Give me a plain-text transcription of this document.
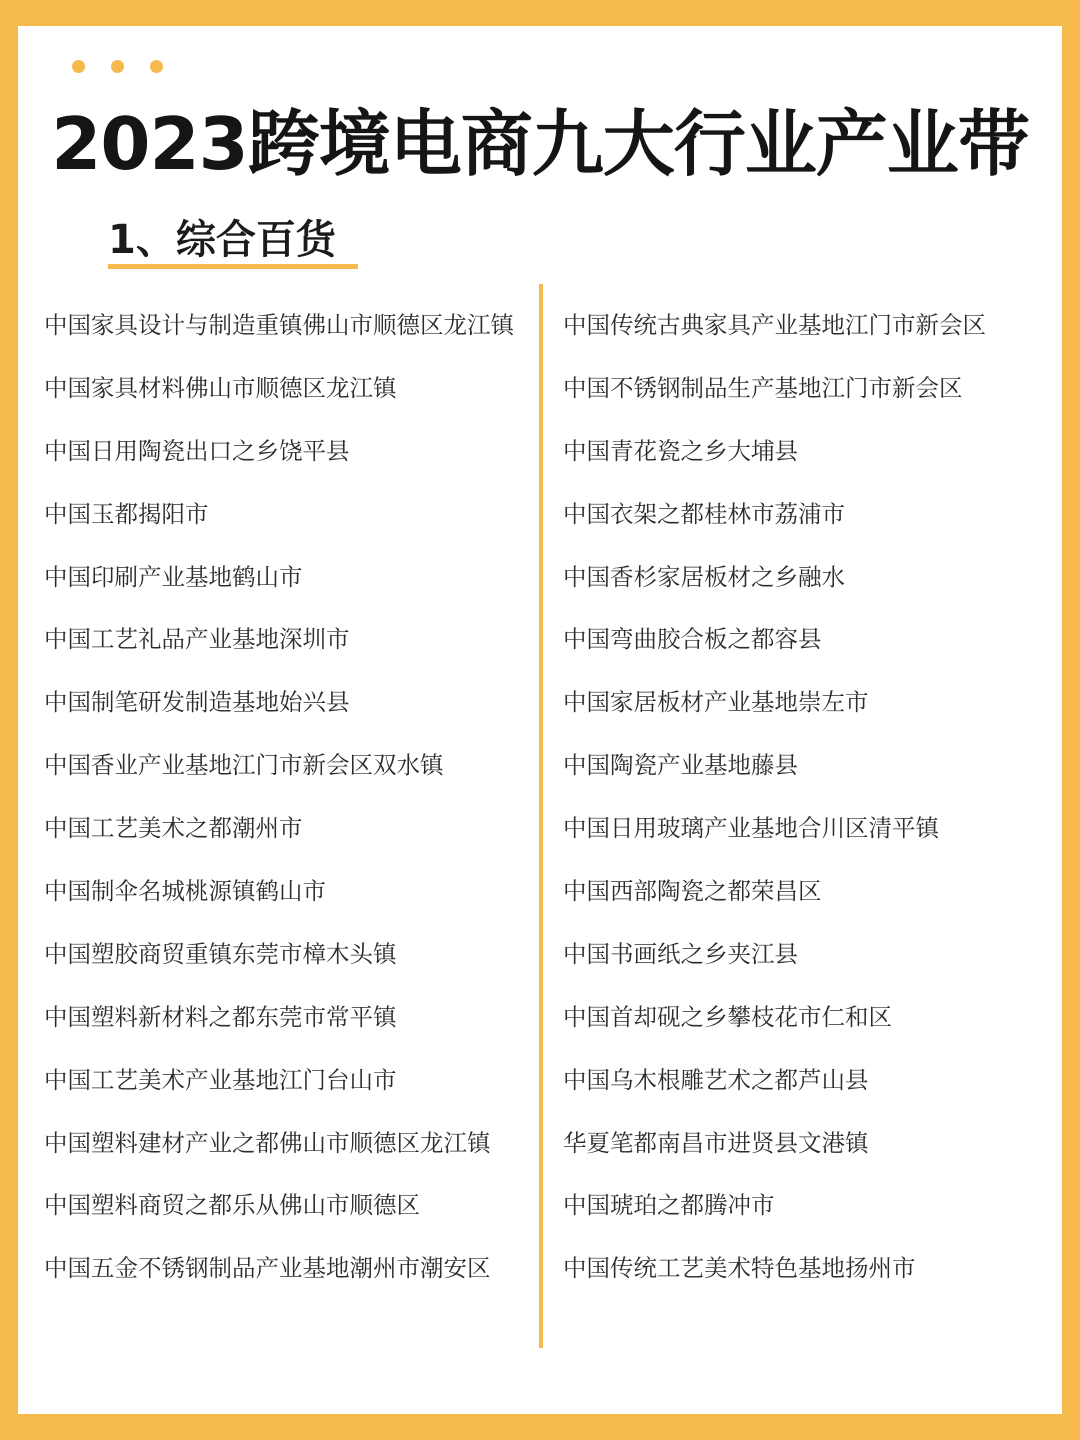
2023跨境电商九大行业产业带
1、综合百货
中国家具设计与制造重镇佛山市顺德区龙江镇
中国家具材料佛山市顺德区龙江镇
中国日用陶瓷出口之乡饶平县
中国玉都揭阳市
中国印刷产业基地鹤山市
中国工艺礼品产业基地深圳市
中国制笔研发制造基地始兴县
中国香业产业基地江门市新会区双水镇
中国工艺美术之都潮州市
中国制伞名城桃源镇鹤山市
中国塑胶商贸重镇东莞市樟木头镇
中国塑料新材料之都东莞市常平镇
中国工艺美术产业基地江门台山市
中国塑料建材产业之都佛山市顺德区龙江镇
中国塑料商贸之都乐从佛山市顺德区
中国五金不锈钢制品产业基地潮州市潮安区
中国传统古典家具产业基地江门市新会区
中国不锈钢制品生产基地江门市新会区
中国青花瓷之乡大埔县
中国衣架之都桂林市荔浦市
中国香杉家居板材之乡融水
中国弯曲胶合板之都容县
中国家居板材产业基地崇左市
中国陶瓷产业基地藤县
中国日用玻璃产业基地合川区清平镇
中国西部陶瓷之都荣昌区
中国书画纸之乡夹江县
中国首却砚之乡攀枝花市仁和区
中国乌木根雕艺术之都芦山县
华夏笔都南昌市进贤县文港镇
中国琥珀之都腾冲市
中国传统工艺美术特色基地扬州市
